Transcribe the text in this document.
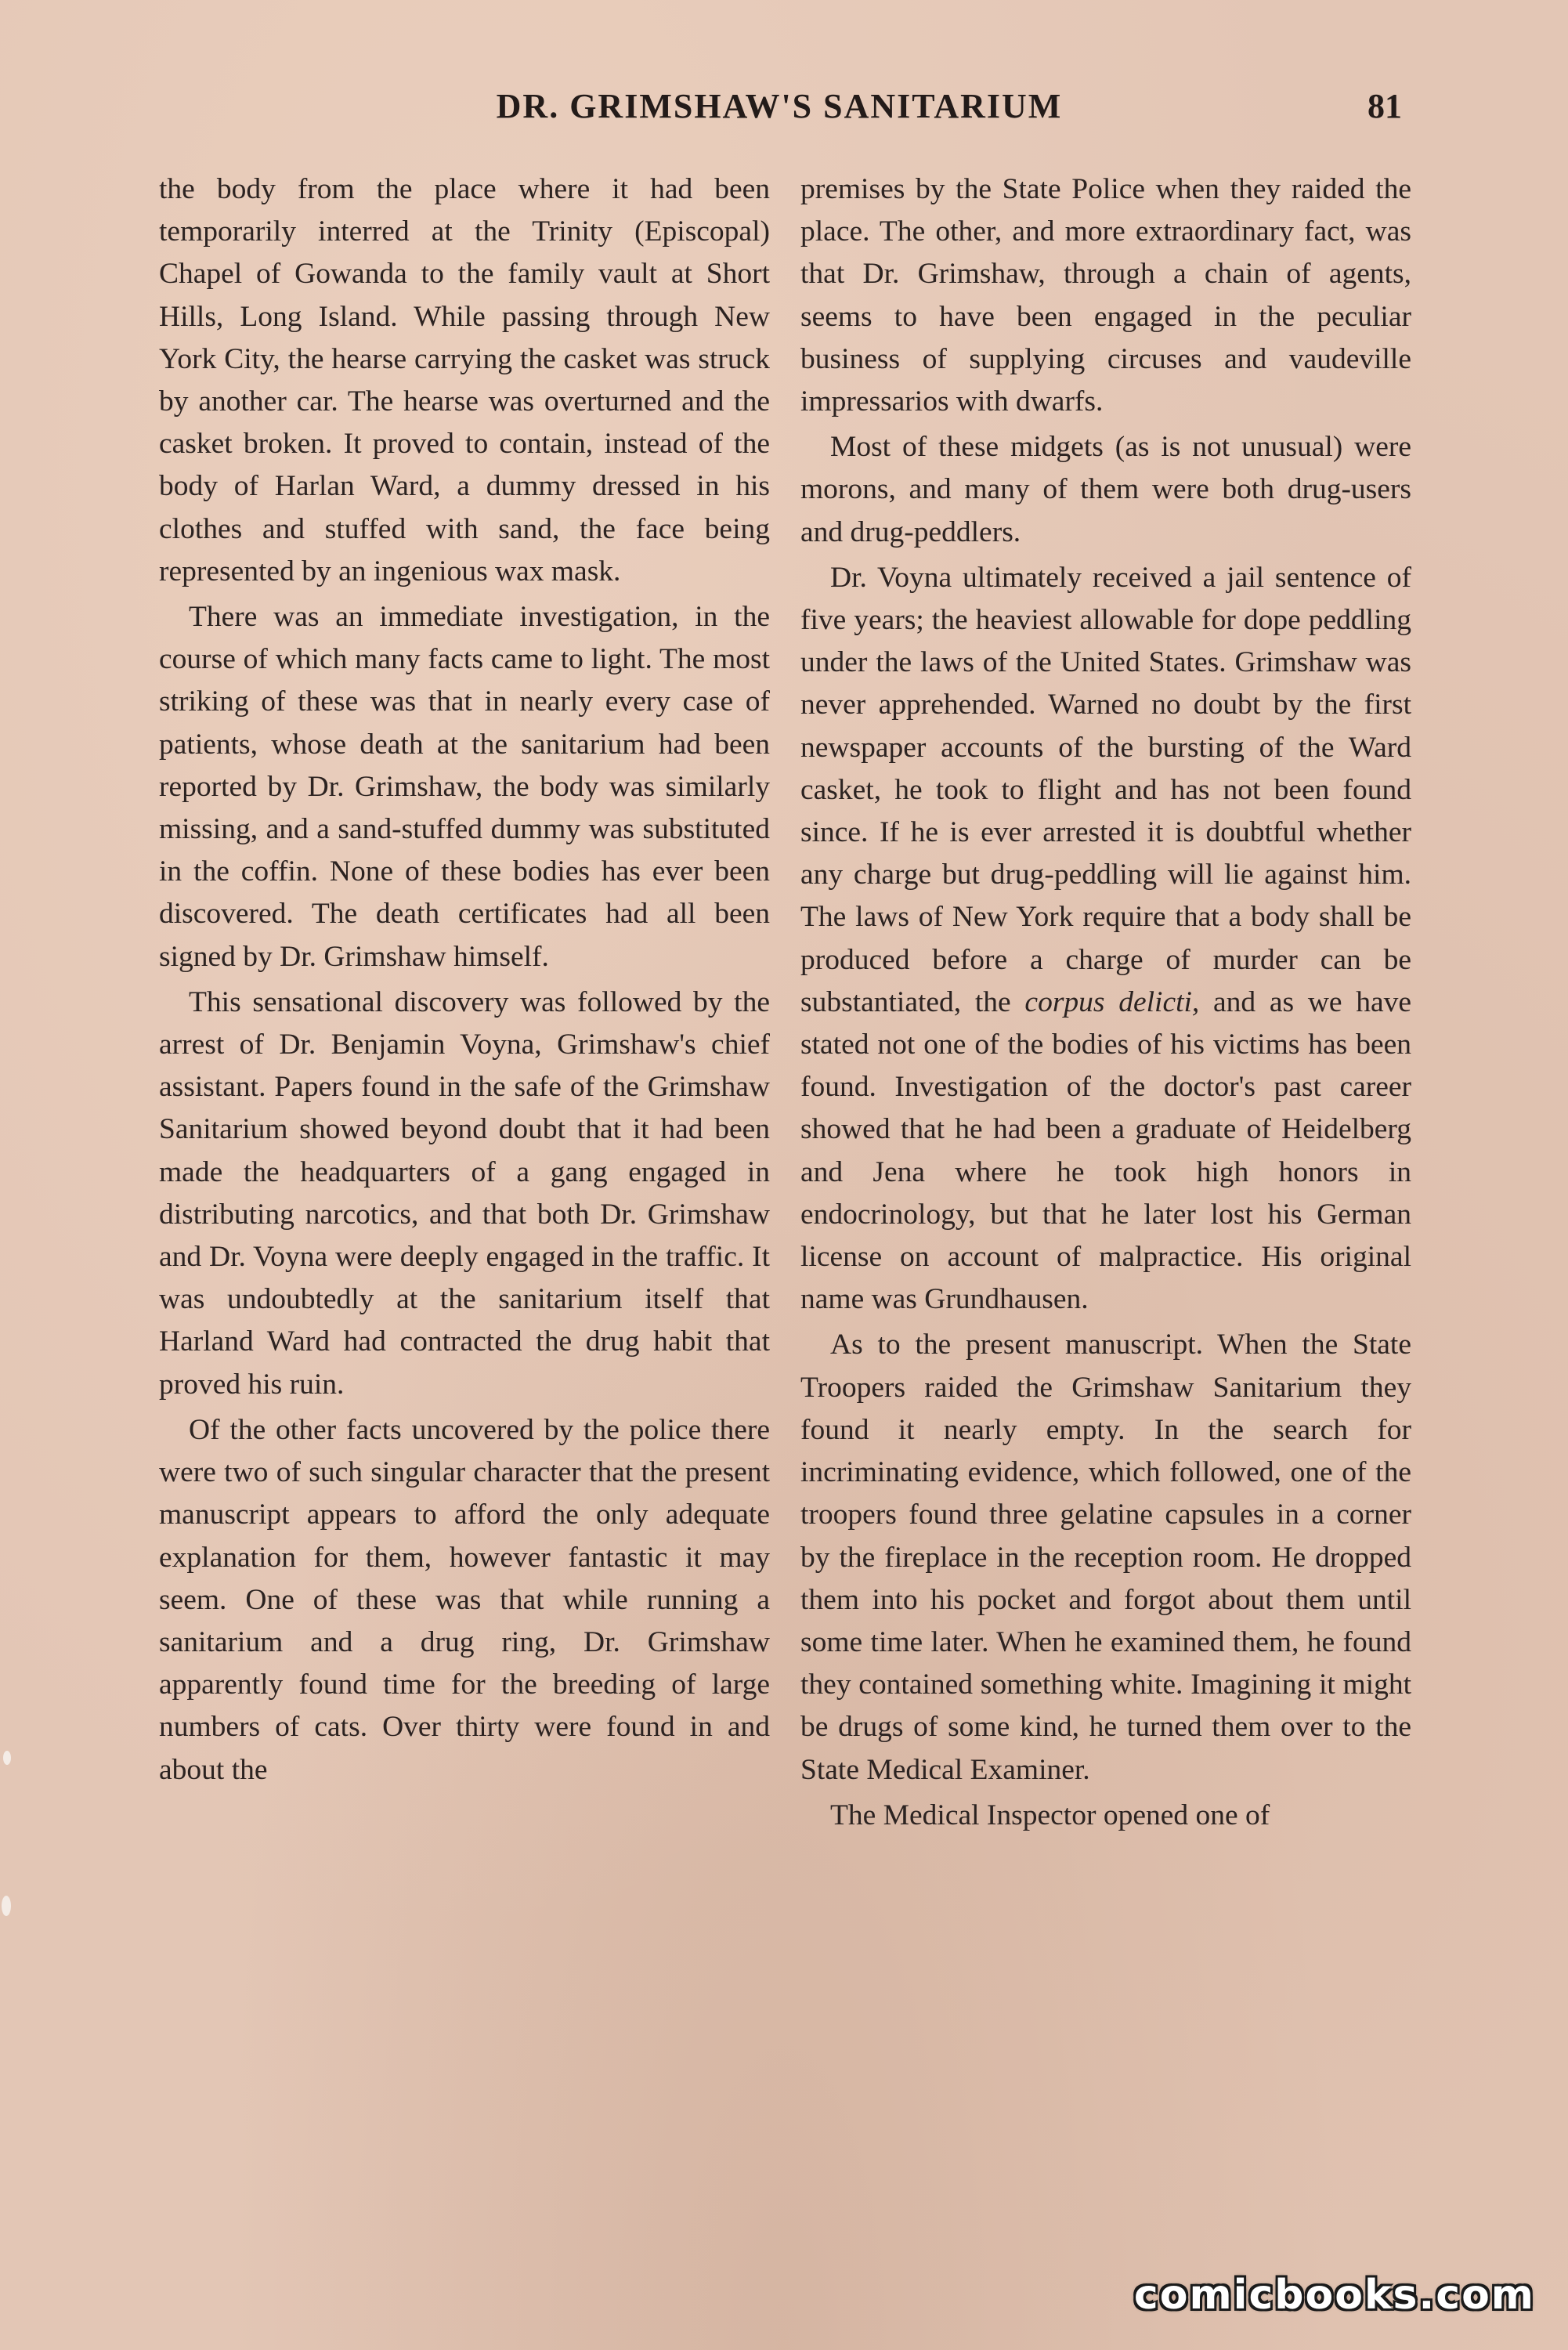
DR. GRIMSHAW'S SANITARIUM	81

the body from the place where it had been temporarily interred at the Trinity (Episcopal) Chapel of Gowanda to the family vault at Short Hills, Long Island. While passing through New York City, the hearse carrying the casket was struck by another car. The hearse was overturned and the casket broken. It proved to contain, instead of the body of Harlan Ward, a dummy dressed in his clothes and stuffed with sand, the face being represented by an ingenious wax mask.

There was an immediate investigation, in the course of which many facts came to light. The most striking of these was that in nearly every case of patients, whose death at the sanitarium had been reported by Dr. Grimshaw, the body was similarly missing, and a sand-stuffed dummy was substituted in the coffin. None of these bodies has ever been discovered. The death certificates had all been signed by Dr. Grimshaw himself.

This sensational discovery was followed by the arrest of Dr. Benjamin Voyna, Grimshaw's chief assistant. Papers found in the safe of the Grimshaw Sanitarium showed beyond doubt that it had been made the headquarters of a gang engaged in distributing narcotics, and that both Dr. Grimshaw and Dr. Voyna were deeply engaged in the traffic. It was undoubtedly at the sanitarium itself that Harland Ward had contracted the drug habit that proved his ruin.

Of the other facts uncovered by the police there were two of such singular character that the present manuscript appears to afford the only adequate explanation for them, however fantastic it may seem. One of these was that while running a sanitarium and a drug ring, Dr. Grimshaw apparently found time for the breeding of large numbers of cats. Over thirty were found in and about the

premises by the State Police when they raided the place. The other, and more extraordinary fact, was that Dr. Grimshaw, through a chain of agents, seems to have been engaged in the peculiar business of supplying circuses and vaudeville impressarios with dwarfs.

Most of these midgets (as is not unusual) were morons, and many of them were both drug-users and drug-peddlers.

Dr. Voyna ultimately received a jail sentence of five years; the heaviest allowable for dope peddling under the laws of the United States. Grimshaw was never apprehended. Warned no doubt by the first newspaper accounts of the bursting of the Ward casket, he took to flight and has not been found since. If he is ever arrested it is doubtful whether any charge but drug-peddling will lie against him. The laws of New York require that a body shall be produced before a charge of murder can be substantiated, the corpus delicti, and as we have stated not one of the bodies of his victims has been found. Investigation of the doctor's past career showed that he had been a graduate of Heidelberg and Jena where he took high honors in endocrinology, but that he later lost his German license on account of malpractice. His original name was Grundhausen.

As to the present manuscript. When the State Troopers raided the Grimshaw Sanitarium they found it nearly empty. In the search for incriminating evidence, which followed, one of the troopers found three gelatine capsules in a corner by the fireplace in the reception room. He dropped them into his pocket and forgot about them until some time later. When he examined them, he found they contained something white. Imagining it might be drugs of some kind, he turned them over to the State Medical Examiner.

The Medical Inspector opened one of

comicbooks.com
